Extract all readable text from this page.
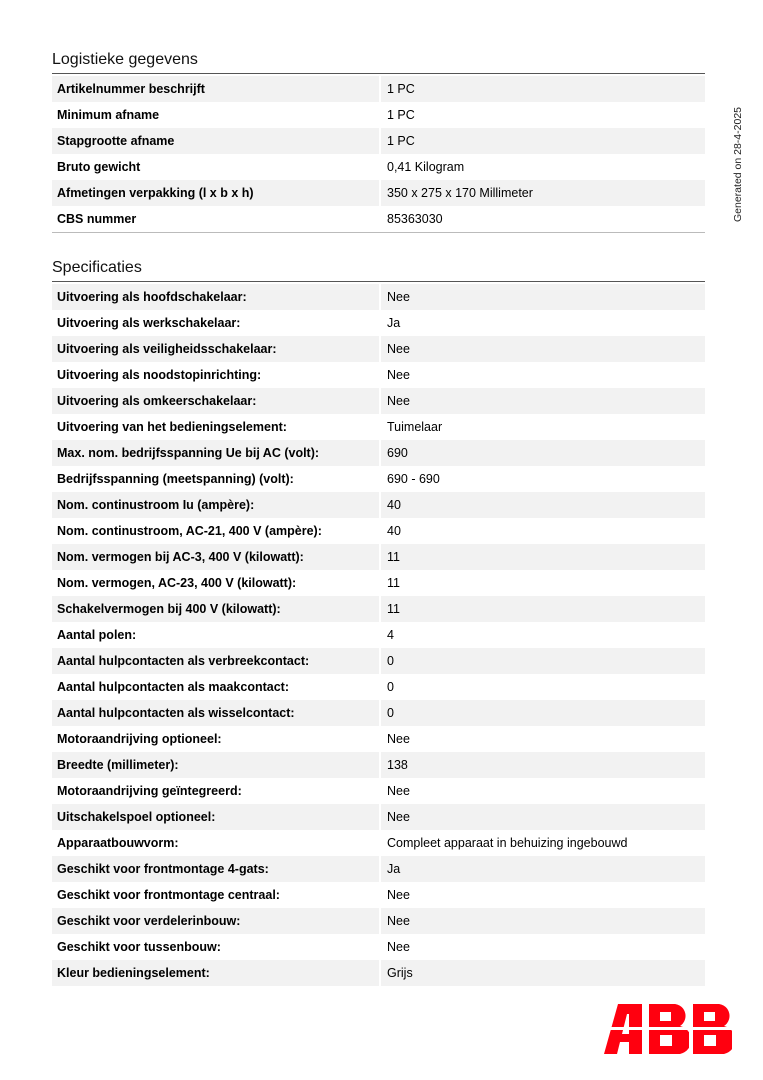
Logistieke gegevens
Artikelnummer beschrijft	1 PC
Minimum afname	1 PC
Stapgrootte afname	1 PC
Bruto gewicht	0,41 Kilogram
Afmetingen verpakking (l x b x h)	350 x 275 x 170 Millimeter
CBS nummer	85363030
Specificaties
Uitvoering als hoofdschakelaar:	Nee
Uitvoering als werkschakelaar:	Ja
Uitvoering als veiligheidsschakelaar:	Nee
Uitvoering als noodstopinrichting:	Nee
Uitvoering als omkeerschakelaar:	Nee
Uitvoering van het bedieningselement:	Tuimelaar
Max. nom. bedrijfsspanning Ue bij AC (volt):	690
Bedrijfsspanning (meetspanning) (volt):	690 - 690
Nom. continustroom Iu (ampère):	40
Nom. continustroom, AC-21, 400 V (ampère):	40
Nom. vermogen bij AC-3, 400 V (kilowatt):	11
Nom. vermogen, AC-23, 400 V (kilowatt):	11
Schakelvermogen bij 400 V (kilowatt):	11
Aantal polen:	4
Aantal hulpcontacten als verbreekcontact:	0
Aantal hulpcontacten als maakcontact:	0
Aantal hulpcontacten als wisselcontact:	0
Motoraandrijving optioneel:	Nee
Breedte (millimeter):	138
Motoraandrijving geïntegreerd:	Nee
Uitschakelspoel optioneel:	Nee
Apparaatbouwvorm:	Compleet apparaat in behuizing ingebouwd
Geschikt voor frontmontage 4-gats:	Ja
Geschikt voor frontmontage centraal:	Nee
Geschikt voor verdelerinbouw:	Nee
Geschikt voor tussenbouw:	Nee
Kleur bedieningselement:	Grijs
Generated on 28-4-2025
